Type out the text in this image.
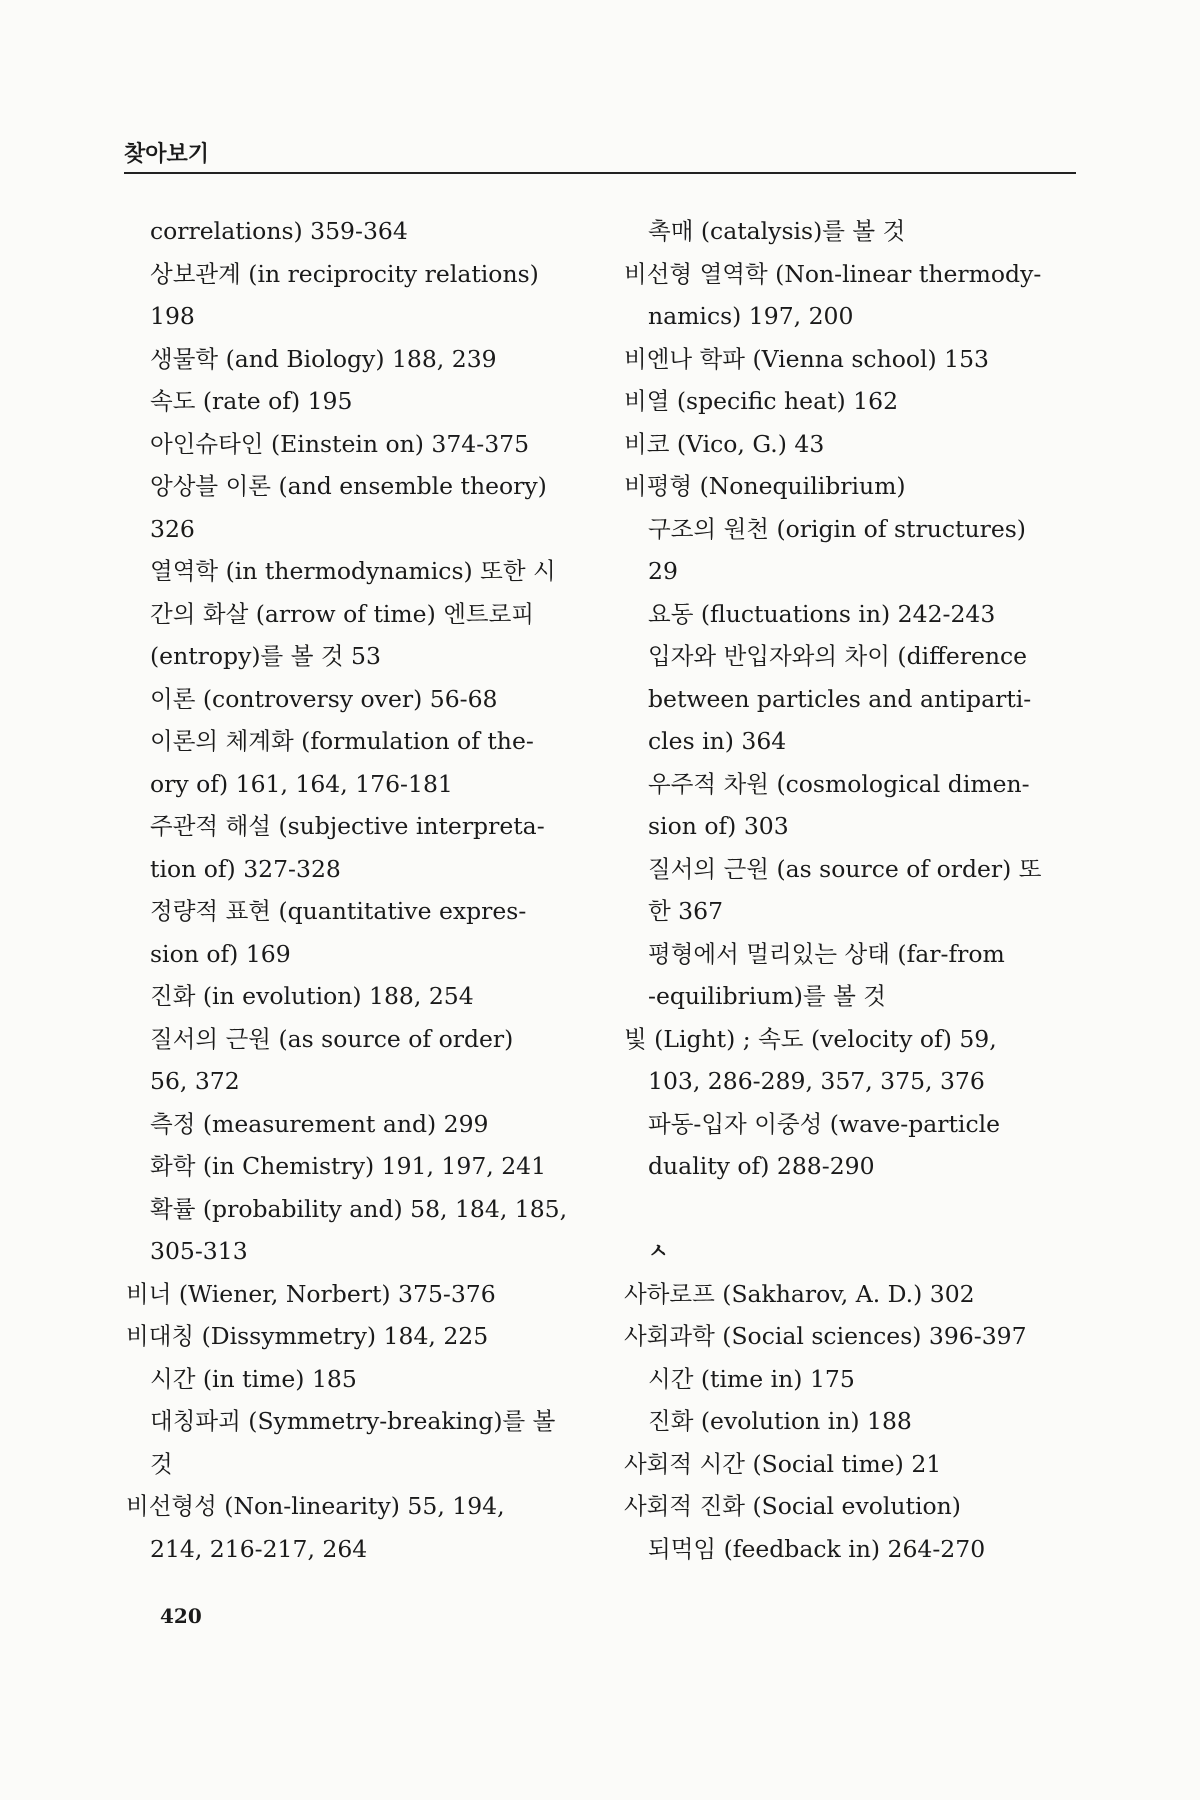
찾아보기
correlations) 359-364
상보관계 (in reciprocity relations)
198
생물학 (and Biology) 188, 239
속도 (rate of) 195
아인슈타인 (Einstein on) 374-375
앙상블 이론 (and ensemble theory)
326
열역학 (in thermodynamics) 또한 시
간의 화살 (arrow of time) 엔트로피
(entropy)를 볼 것 53
이론 (controversy over) 56-68
이론의 체계화 (formulation of the-
ory of) 161, 164, 176-181
주관적 해설 (subjective interpreta-
tion of) 327-328
정량적 표현 (quantitative expres-
sion of) 169
진화 (in evolution) 188, 254
질서의 근원 (as source of order)
56, 372
측정 (measurement and) 299
화학 (in Chemistry) 191, 197, 241
확률 (probability and) 58, 184, 185,
305-313
비너 (Wiener, Norbert) 375-376
비대칭 (Dissymmetry) 184, 225
시간 (in time) 185
대칭파괴 (Symmetry-breaking)를 볼
것
비선형성 (Non-linearity) 55, 194,
214, 216-217, 264
촉매 (catalysis)를 볼 것
비선형 열역학 (Non-linear thermody-
namics) 197, 200
비엔나 학파 (Vienna school) 153
비열 (specific heat) 162
비코 (Vico, G.) 43
비평형 (Nonequilibrium)
구조의 원천 (origin of structures)
29
요동 (fluctuations in) 242-243
입자와 반입자와의 차이 (difference
between particles and antiparti-
cles in) 364
우주적 차원 (cosmological dimen-
sion of) 303
질서의 근원 (as source of order) 또
한 367
평형에서 멀리있는 상태 (far-from
-equilibrium)를 볼 것
빛 (Light) ; 속도 (velocity of) 59,
103, 286-289, 357, 375, 376
파동-입자 이중성 (wave-particle
duality of) 288-290
ㅅ
사하로프 (Sakharov, A. D.) 302
사회과학 (Social sciences) 396-397
시간 (time in) 175
진화 (evolution in) 188
사회적 시간 (Social time) 21
사회적 진화 (Social evolution)
되먹임 (feedback in) 264-270
420
